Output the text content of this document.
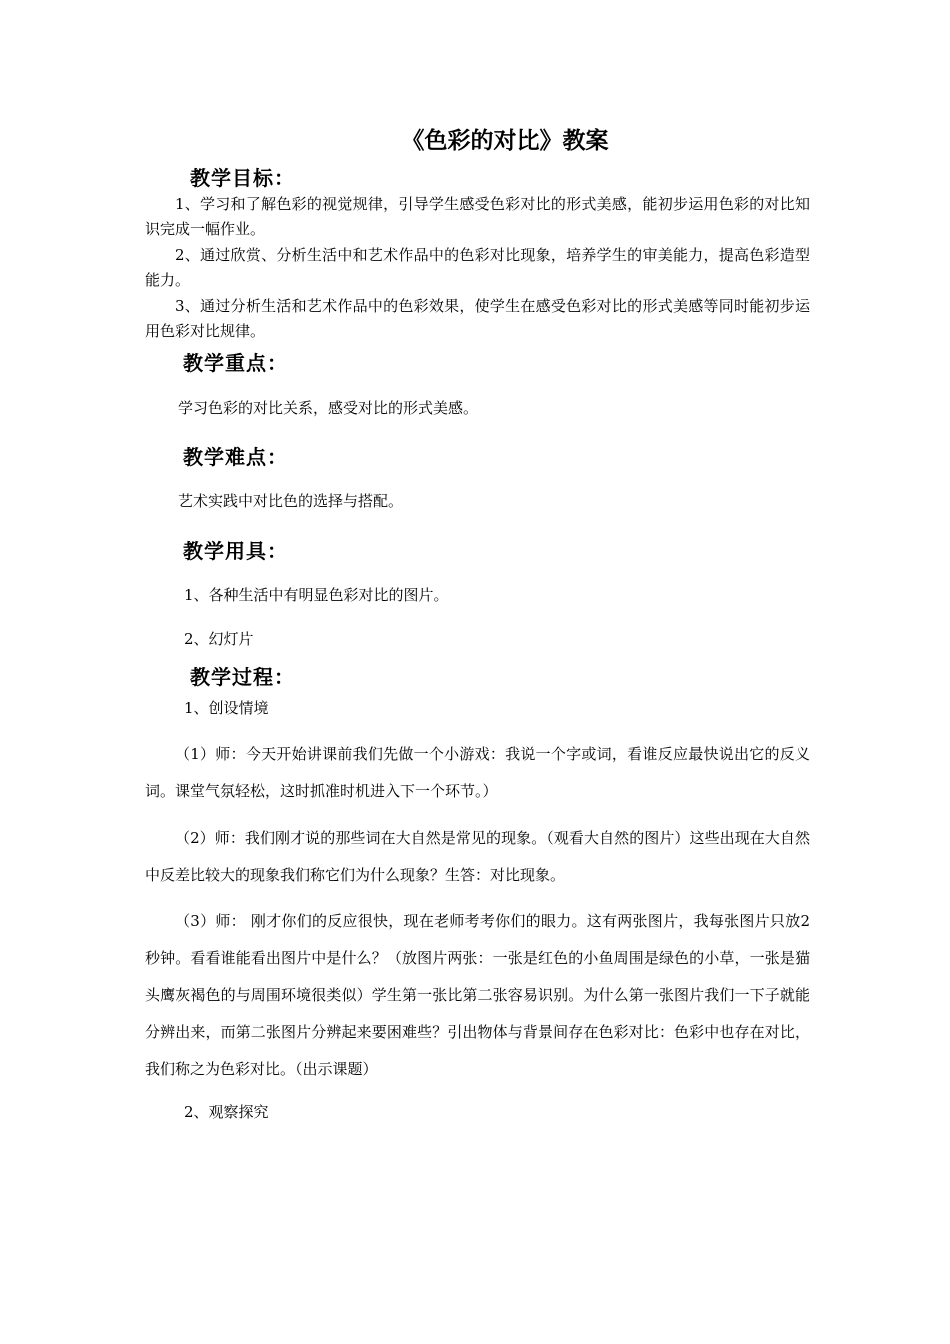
《色彩的对比》教案
教学目标：
1、学习和了解色彩的视觉规律，引导学生感受色彩对比的形式美感，能初步运用色彩的对比知识完成一幅作业。
2、通过欣赏、分析生活中和艺术作品中的色彩对比现象，培养学生的审美能力，提高色彩造型能力。
3、通过分析生活和艺术作品中的色彩效果，使学生在感受色彩对比的形式美感等同时能初步运用色彩对比规律。
教学重点：
学习色彩的对比关系，感受对比的形式美感。
教学难点：
艺术实践中对比色的选择与搭配。
教学用具：
1、各种生活中有明显色彩对比的图片。
2、幻灯片
教学过程：
1、创设情境
（1）师：今天开始讲课前我们先做一个小游戏：我说一个字或词，看谁反应最快说出它的反义词。课堂气氛轻松，这时抓准时机进入下一个环节。）
（2）师：我们刚才说的那些词在大自然是常见的现象。（观看大自然的图片）这些出现在大自然中反差比较大的现象我们称它们为什么现象？生答：对比现象。
（3）师： 刚才你们的反应很快，现在老师考考你们的眼力。这有两张图片，我每张图片只放2秒钟。看看谁能看出图片中是什么？（放图片两张：一张是红色的小鱼周围是绿色的小草，一张是猫头鹰灰褐色的与周围环境很类似）学生第一张比第二张容易识别。为什么第一张图片我们一下子就能分辨出来，而第二张图片分辨起来要困难些？引出物体与背景间存在色彩对比：色彩中也存在对比，我们称之为色彩对比。（出示课题）
2、观察探究
